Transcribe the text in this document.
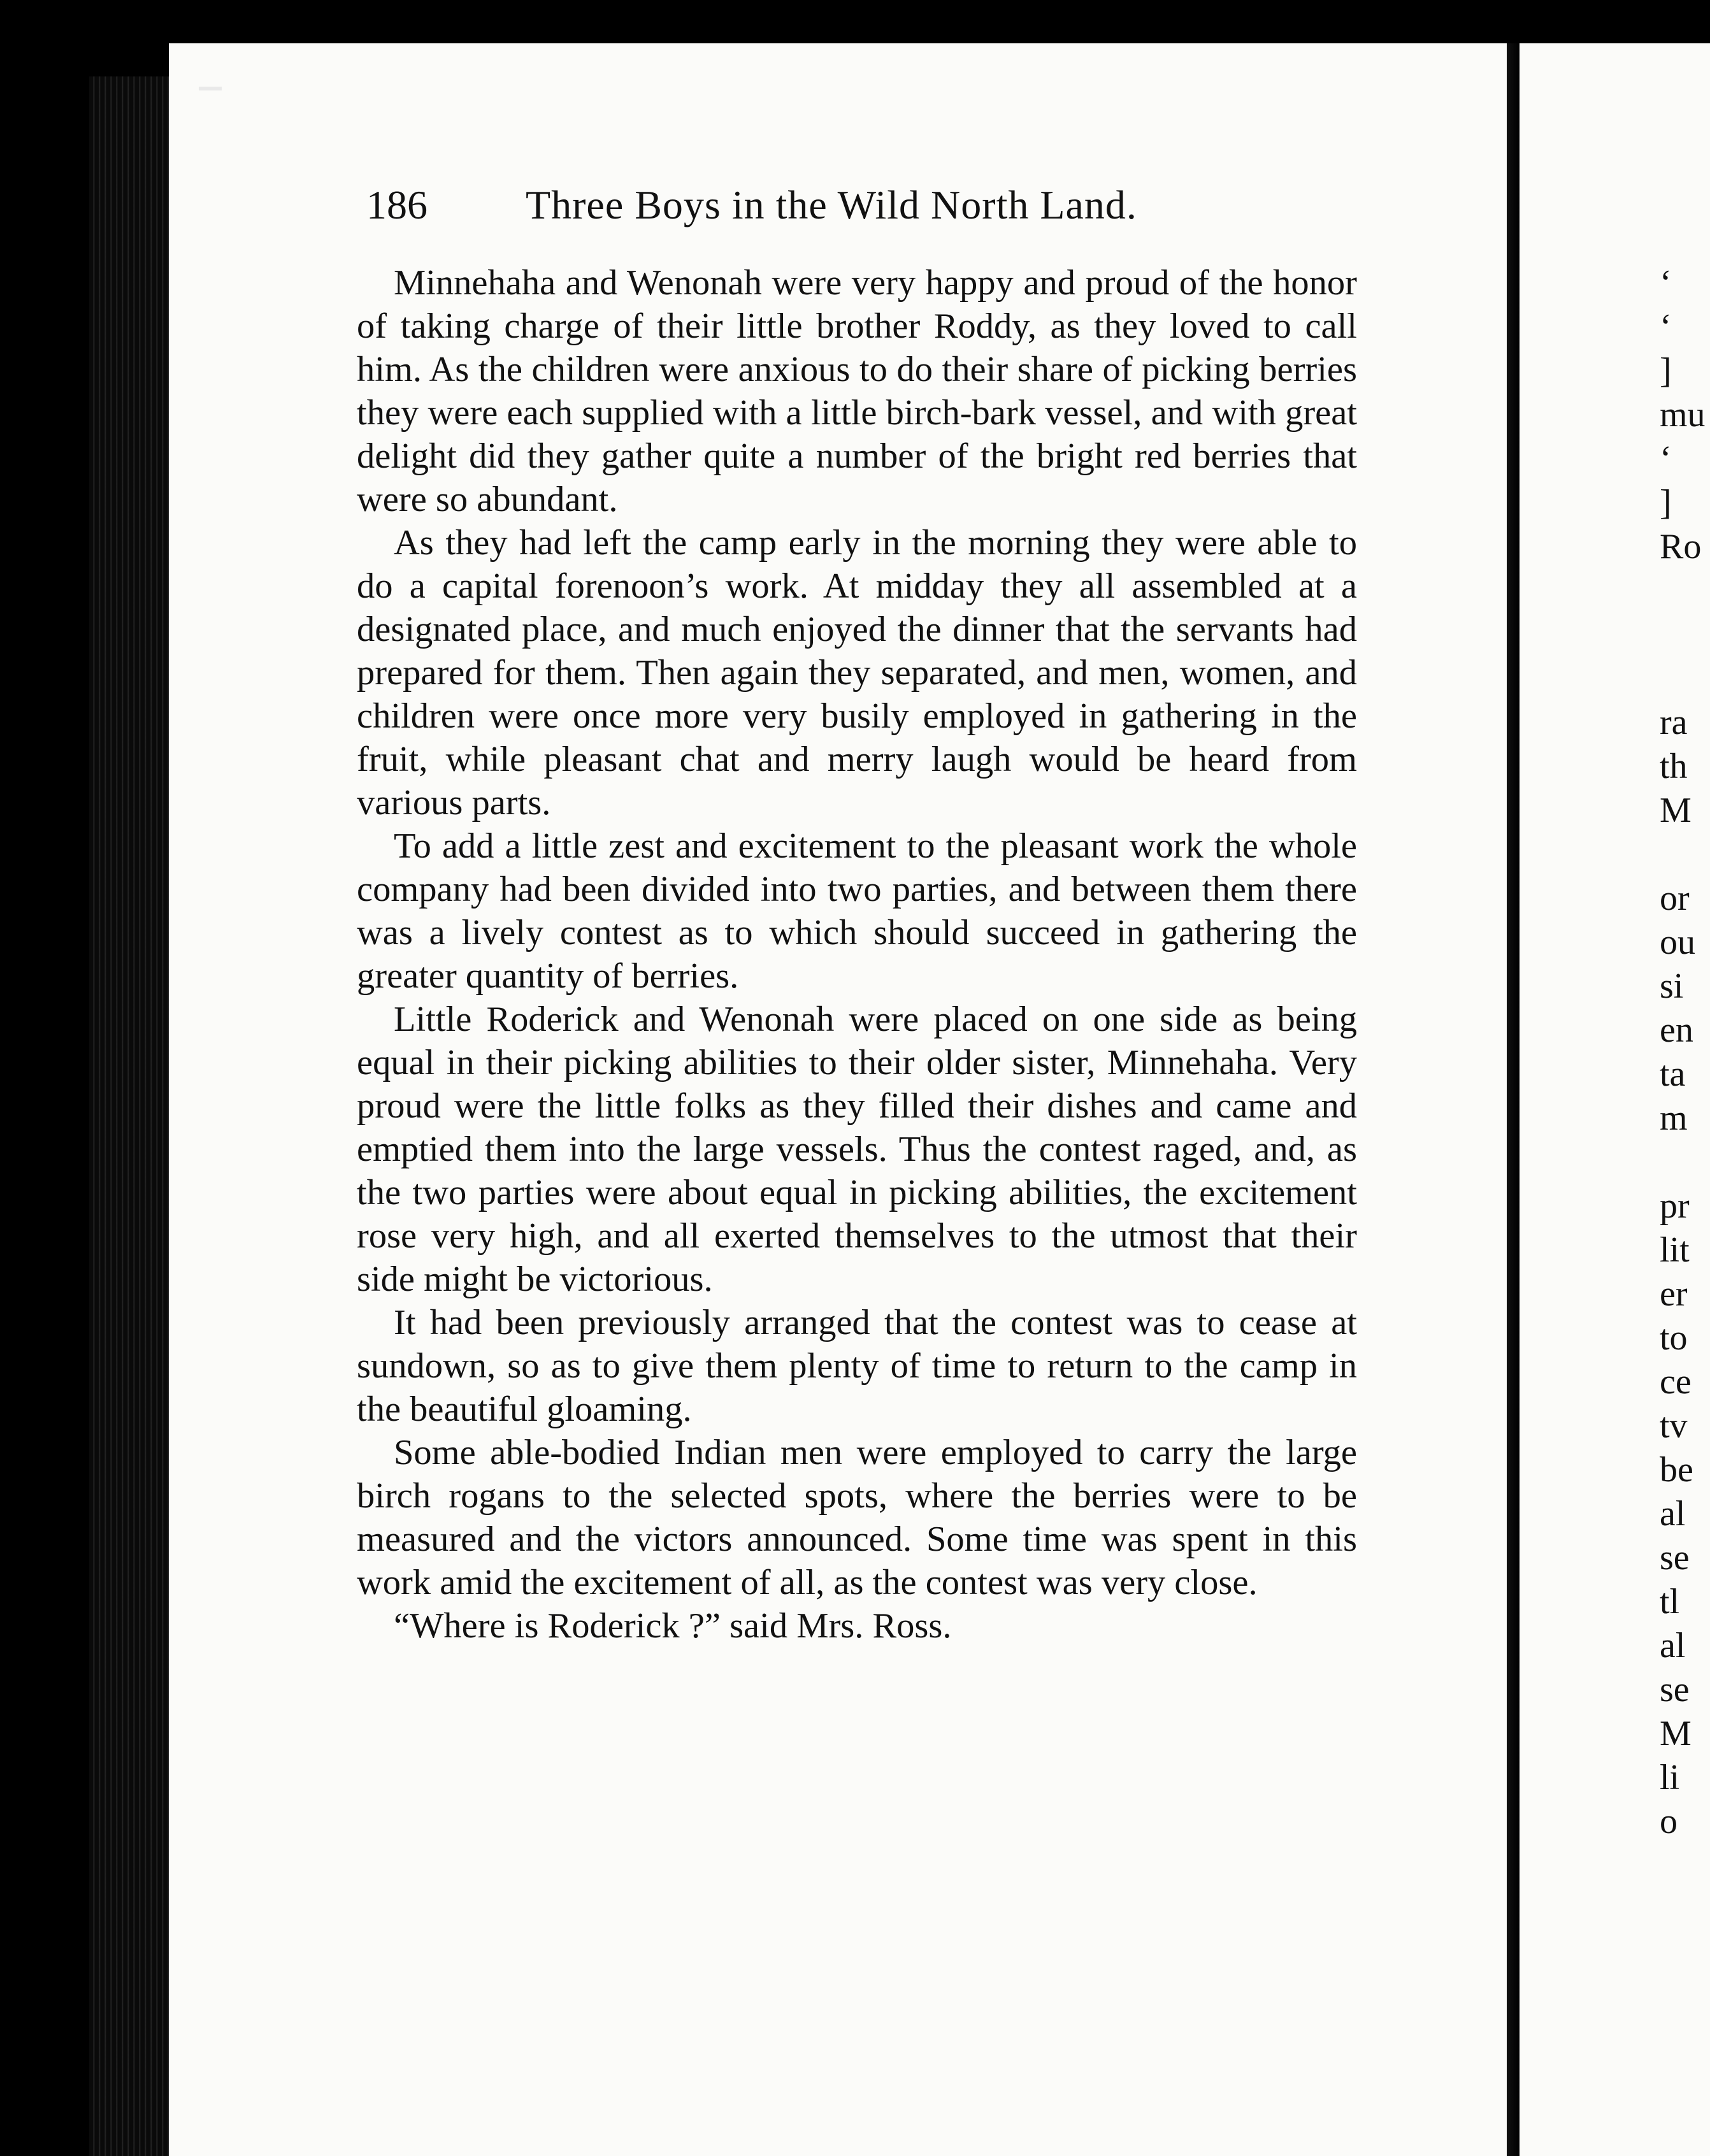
186	Three Boys in the Wild North Land.

Minnehaha and Wenonah were very happy and proud of the honor of taking charge of their little brother Roddy, as they loved to call him. As the children were anxious to do their share of picking berries they were each supplied with a little birch-bark vessel, and with great delight did they gather quite a number of the bright red berries that were so abundant.

As they had left the camp early in the morning they were able to do a capital forenoon’s work. At midday they all assembled at a designated place, and much enjoyed the dinner that the servants had prepared for them. Then again they separated, and men, women, and children were once more very busily employed in gathering in the fruit, while pleasant chat and merry laugh would be heard from various parts.

To add a little zest and excitement to the pleasant work the whole company had been divided into two parties, and between them there was a lively contest as to which should succeed in gathering the greater quantity of berries.

Little Roderick and Wenonah were placed on one side as being equal in their picking abilities to their older sister, Minnehaha. Very proud were the little folks as they filled their dishes and came and emptied them into the large vessels. Thus the contest raged, and, as the two parties were about equal in picking abilities, the excitement rose very high, and all exerted themselves to the utmost that their side might be victorious.

It had been previously arranged that the contest was to cease at sundown, so as to give them plenty of time to return to the camp in the beautiful gloaming.

Some able-bodied Indian men were employed to carry the large birch rogans to the selected spots, where the berries were to be measured and the victors announced. Some time was spent in this work amid the excitement of all, as the contest was very close.

“Where is Roderick ?” said Mrs. Ross.

‘
‘
]
mu
‘
]
Ro
ra
th
M
or
ou
si
en
ta
m
pr
lit
er
to
ce
tv
be
al
se
tl
al
se
M
li
o
